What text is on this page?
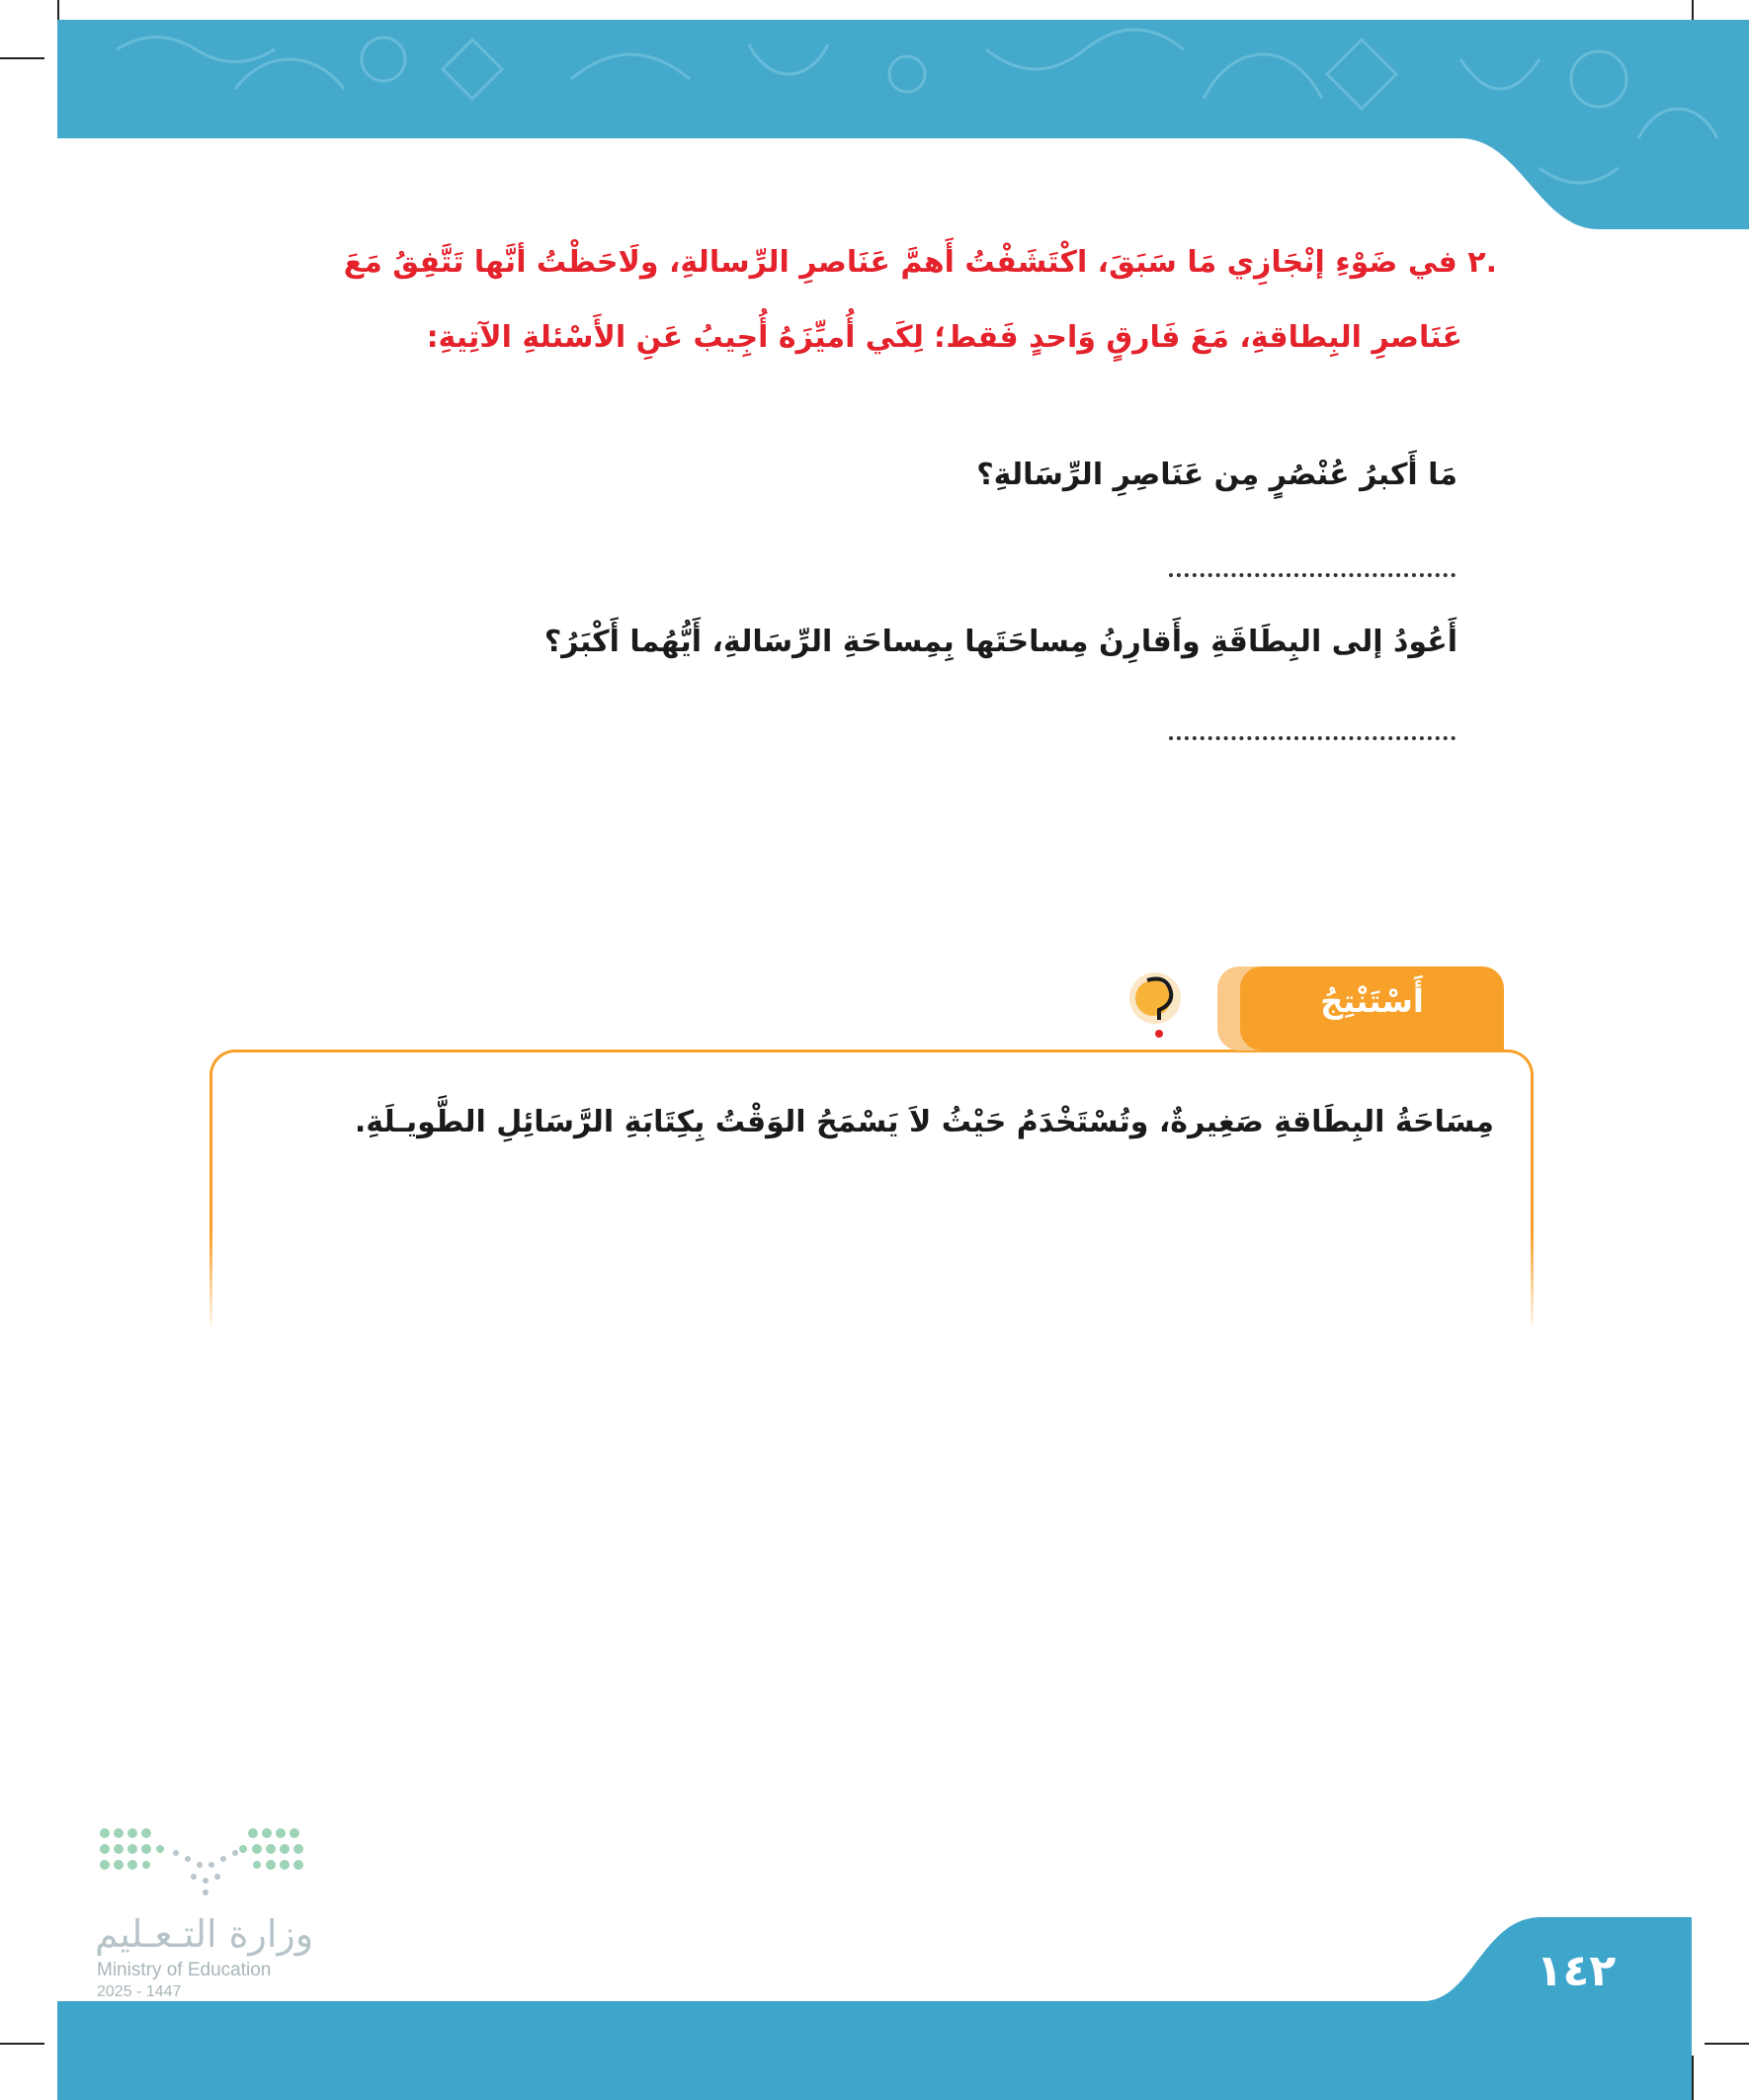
.٢ في ضَوْءِ إنْجَازِي مَا سَبَقَ، اكْتَشَفْتُ أَهمَّ عَنَاصرِ الرِّسالةِ، ولَاحَظْتُ أنَّها تَتَّفِقُ مَعَ
عَنَاصرِ البِطاقةِ، مَعَ فَارقٍ وَاحدٍ فَقط؛ لِكَي أُميِّزَهُ أُجِيبُ عَنِ الأَسْئلةِ الآتِيةِ:
مَا أَكبرُ عُنْصُرٍ مِن عَنَاصِرِ الرِّسَالةِ؟
أَعُودُ إلى البِطَاقَةِ وأَقارِنُ مِساحَتَها بِمِساحَةِ الرِّسَالةِ، أَيُّهُما أَكْبَرُ؟
أَسْتَنْتِجُ
مِسَاحَةُ البِطَاقةِ صَغِيرةٌ، وتُسْتَخْدَمُ حَيْثُ لاَ يَسْمَحُ الوَقْتُ بِكِتَابَةِ الرَّسَائِلِ الطَّويـلَةِ.
١٤٢
وزارة التـعـليم
Ministry of Education
2025 - 1447
